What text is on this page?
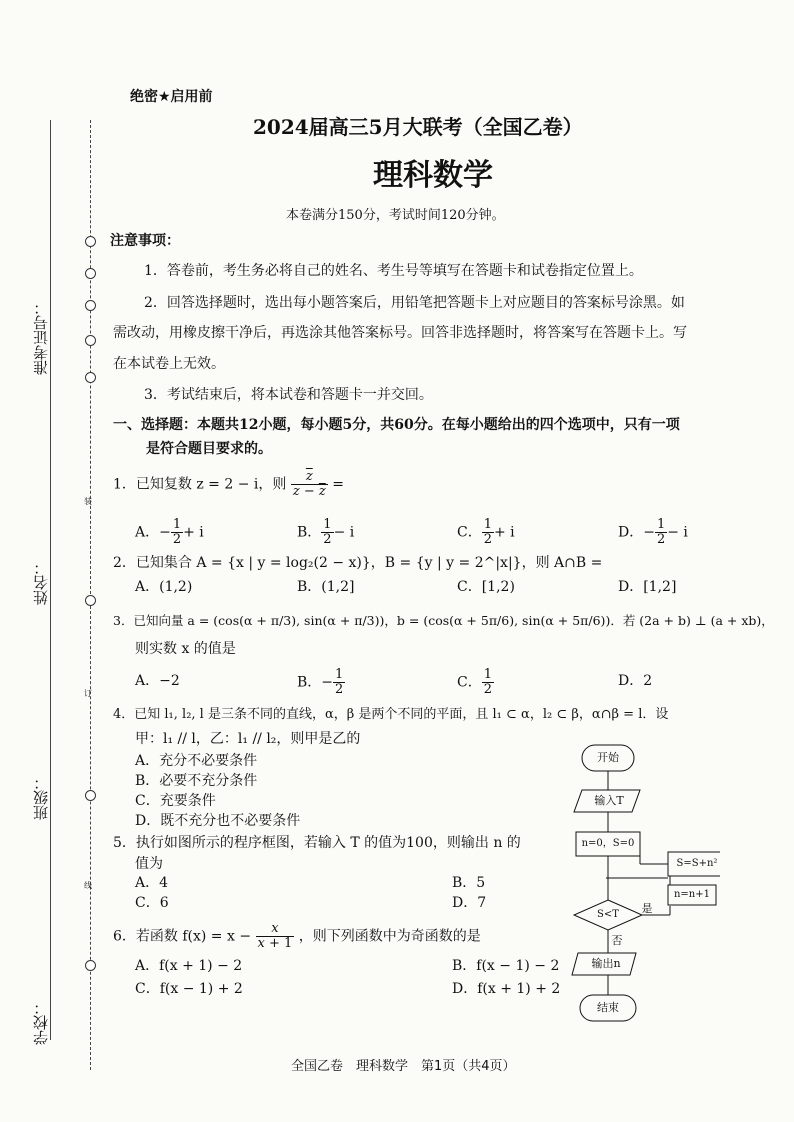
装
订
线
准考证号：
姓名：
班级：
学校：
绝密★启用前
2024届高三5月大联考（全国乙卷）
理科数学
本卷满分150分，考试时间120分钟。
注意事项：
1．答卷前，考生务必将自己的姓名、考生号等填写在答题卡和试卷指定位置上。
2．回答选择题时，选出每小题答案后，用铅笔把答题卡上对应题目的答案标号涂黑。如
需改动，用橡皮擦干净后，再选涂其他答案标号。回答非选择题时，将答案写在答题卡上。写
在本试卷上无效。
3．考试结束后，将本试卷和答题卡一并交回。
一、选择题：本题共12小题，每小题5分，共60分。在每小题给出的四个选项中，只有一项
是符合题目要求的。
1．已知复数 z = 2 − i，则 $\frac{\overline{z}}{z - \overline{z}}$ =
A．− $\frac{1}{2} + i$	B． $\frac{1}{2} - i$	C． $\frac{1}{2} + i$	D．− $\frac{1}{2} - i$
2．已知集合 A = {x | y = log₂(2 − x)}，B = {y | y = 2^|x|}，则 A∩B =
A．(1,2)	B．(1,2]	C．[1,2)	D．[1,2]
3．已知向量 a = (cos(α + π/3), sin(α + π/3))，b = (cos(α + 5π/6), sin(α + 5π/6))．若 (2a + b) ⊥ (a + xb)，
则实数 x 的值是
A．−2	B．− $\frac{1}{2}$	C． $\frac{1}{2}$	D．2
4．已知 l₁, l₂, l 是三条不同的直线，α，β 是两个不同的平面，且 l₁ ⊂ α，l₂ ⊂ β，α∩β = l．设
甲：l₁ // l，乙：l₁ // l₂，则甲是乙的
A．充分不必要条件
B．必要不充分条件
C．充要条件
D．既不充分也不必要条件
5．执行如图所示的程序框图，若输入 T 的值为100，则输出 n 的
值为
A．4	B．5
C．6	D．7
6．若函数 $f(x) = x - \frac{x}{x + 1}$ ，则下列函数中为奇函数的是
A．f(x + 1) − 2	B．f(x − 1) − 2
C．f(x − 1) + 2	D．f(x + 1) + 2
开始
输入T
n=0，S=0
S=S+n²
n=n+1
S<T	是
否
输出n
结束
全国乙卷　理科数学　第1页（共4页）
